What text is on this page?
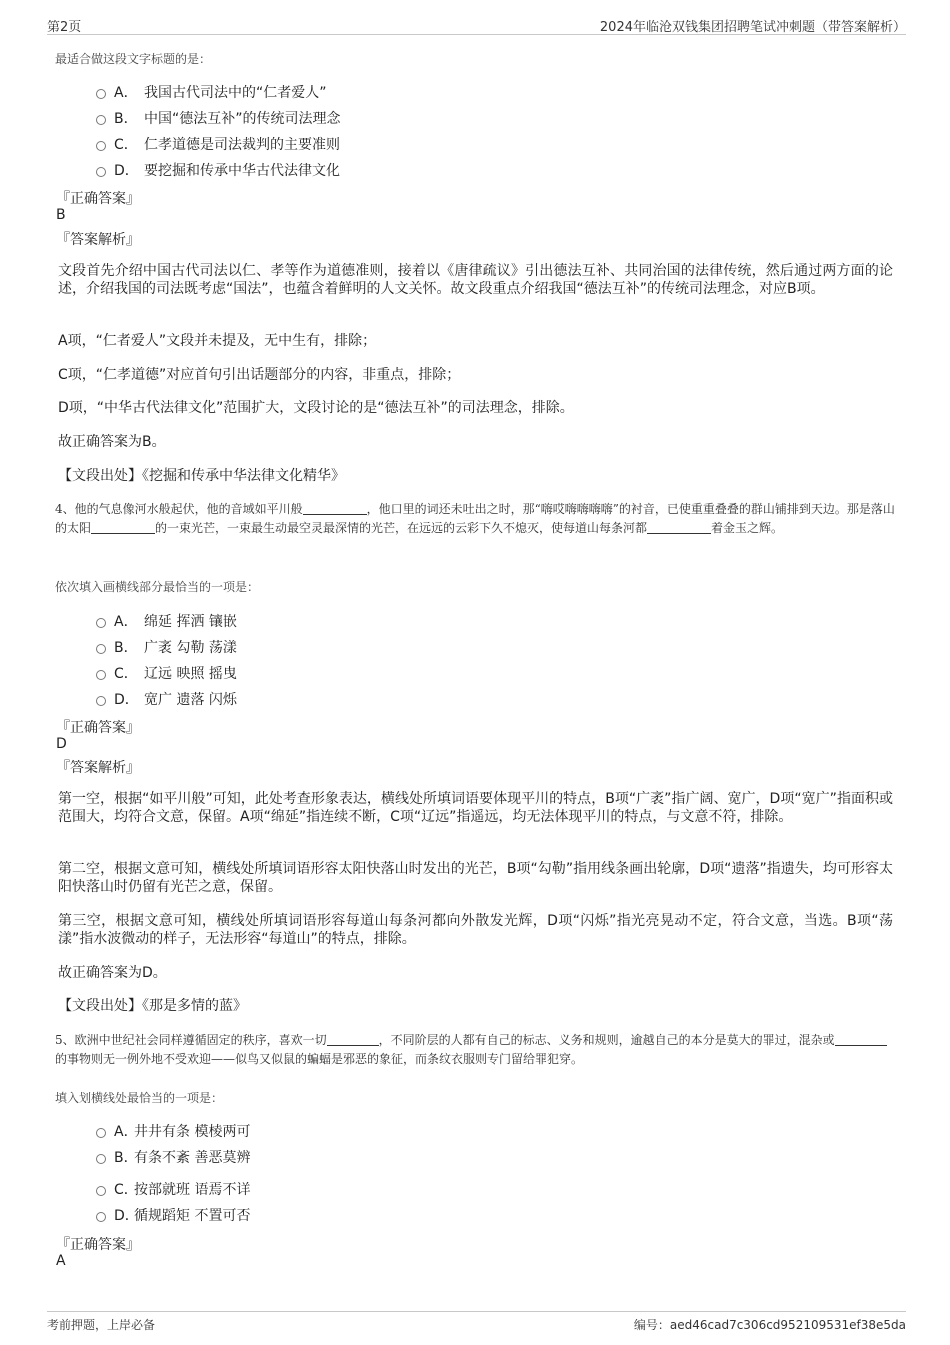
第2页	2024年临沧双钱集团招聘笔试冲刺题（带答案解析）
最适合做这段文字标题的是：
A． 我国古代司法中的“仁者爱人”
B． 中国“德法互补”的传统司法理念
C． 仁孝道德是司法裁判的主要准则
D． 要挖掘和传承中华古代法律文化
『正确答案』
B
『答案解析』
文段首先介绍中国古代司法以仁、孝等作为道德准则，接着以《唐律疏议》引出德法互补、共同治国的法律传统，然后通过两方面的论述，介绍我国的司法既考虑“国法”，也蕴含着鲜明的人文关怀。故文段重点介绍我国“德法互补”的传统司法理念，对应B项。
A项，“仁者爱人”文段并未提及，无中生有，排除；
C项，“仁孝道德”对应首句引出话题部分的内容，非重点，排除；
D项，“中华古代法律文化”范围扩大，文段讨论的是“德法互补”的司法理念，排除。
故正确答案为B。
【文段出处】《挖掘和传承中华法律文化精华》
4、他的气息像河水般起伏，他的音域如平川般	，他口里的词还未吐出之时，那“嗨哎嗨嗨嗨嗨”的衬音，已使重重叠叠的群山铺排到天边。那是落山的太阳	的一束光芒，一束最生动最空灵最深情的光芒，在远远的云彩下久不熄灭，使每道山每条河都	着金玉之辉。
依次填入画横线部分最恰当的一项是：
A． 绵延 挥洒 镶嵌
B． 广袤 勾勒 荡漾
C． 辽远 映照 摇曳
D． 宽广 遗落 闪烁
『正确答案』
D
『答案解析』
第一空，根据“如平川般”可知，此处考查形象表达，横线处所填词语要体现平川的特点，B项“广袤”指广阔、宽广，D项“宽广”指面积或范围大，均符合文意，保留。A项“绵延”指连续不断，C项“辽远”指遥远，均无法体现平川的特点，与文意不符，排除。
第二空，根据文意可知，横线处所填词语形容太阳快落山时发出的光芒，B项“勾勒”指用线条画出轮廓，D项“遗落”指遗失，均可形容太阳快落山时仍留有光芒之意，保留。
第三空，根据文意可知，横线处所填词语形容每道山每条河都向外散发光辉，D项“闪烁”指光亮晃动不定，符合文意，当选。B项“荡漾”指水波微动的样子，无法形容“每道山”的特点，排除。
故正确答案为D。
【文段出处】《那是多情的蓝》
5、欧洲中世纪社会同样遵循固定的秩序，喜欢一切	，不同阶层的人都有自己的标志、义务和规则，逾越自己的本分是莫大的罪过，混杂或的事物则无一例外地不受欢迎——似鸟又似鼠的蝙蝠是邪恶的象征，而条纹衣服则专门留给罪犯穿。
填入划横线处最恰当的一项是：
A．井井有条 模棱两可
B．有条不紊 善恶莫辨
C．按部就班 语焉不详
D．循规蹈矩 不置可否
『正确答案』
A
考前押题，上岸必备	编号：aed46cad7c306cd952109531ef38e5da
